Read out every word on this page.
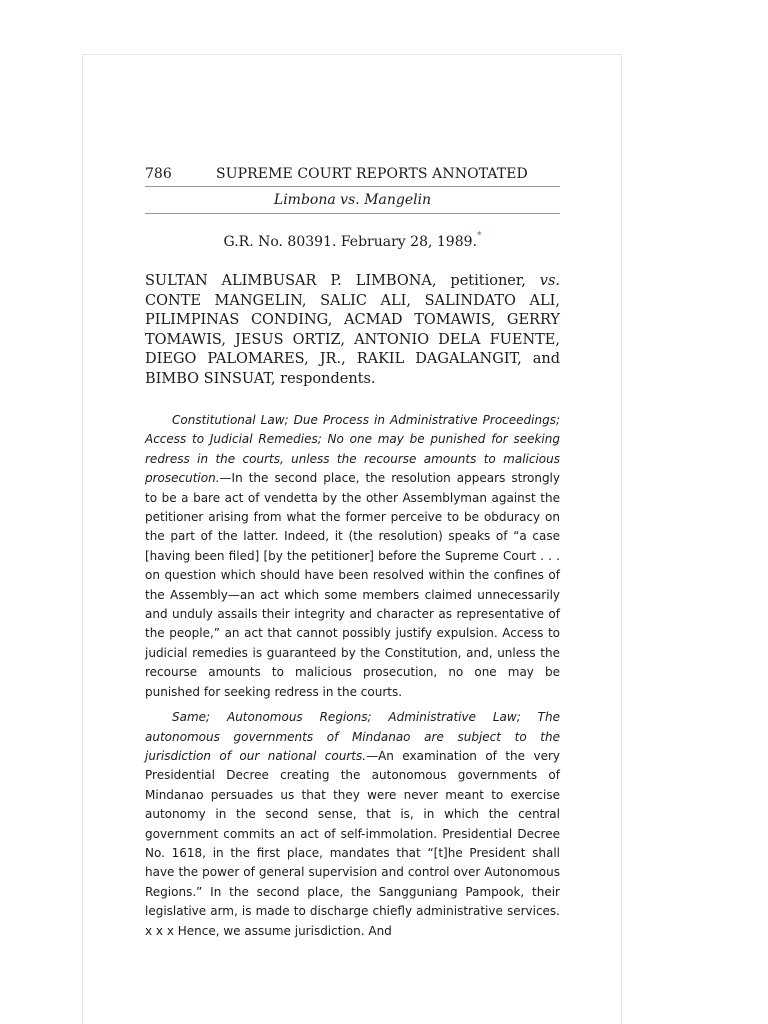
786	SUPREME COURT REPORTS ANNOTATED
Limbona vs. Mangelin
G.R. No. 80391. February 28, 1989.*
SULTAN ALIMBUSAR P. LIMBONA, petitioner, vs. CONTE MANGELIN, SALIC ALI, SALINDATO ALI, PILIMPINAS CONDING, ACMAD TOMAWIS, GERRY TOMAWIS, JESUS ORTIZ, ANTONIO DELA FUENTE, DIEGO PALOMARES, JR., RAKIL DAGALANGIT, and BIMBO SINSUAT, respondents.

Constitutional Law; Due Process in Administrative Proceedings; Access to Judicial Remedies; No one may be punished for seeking redress in the courts, unless the recourse amounts to malicious prosecution.—In the second place, the resolution appears strongly to be a bare act of vendetta by the other Assemblyman against the petitioner arising from what the former perceive to be obduracy on the part of the latter. Indeed, it (the resolution) speaks of “a case [having been filed] [by the petitioner] before the Supreme Court . . . on question which should have been resolved within the confines of the Assembly—an act which some members claimed unnecessarily and unduly assails their integrity and character as representative of the people,” an act that cannot possibly justify expulsion. Access to judicial remedies is guaranteed by the Constitution, and, unless the recourse amounts to malicious prosecution, no one may be punished for seeking redress in the courts.

Same; Autonomous Regions; Administrative Law; The autonomous governments of Mindanao are subject to the jurisdiction of our national courts.—An examination of the very Presidential Decree creating the autonomous governments of Mindanao persuades us that they were never meant to exercise autonomy in the second sense, that is, in which the central government commits an act of self-immolation. Presidential Decree No. 1618, in the first place, mandates that “[t]he President shall have the power of general supervision and control over Autonomous Regions.” In the second place, the Sangguniang Pampook, their legislative arm, is made to discharge chiefly administrative services. x x x Hence, we assume jurisdiction. And
